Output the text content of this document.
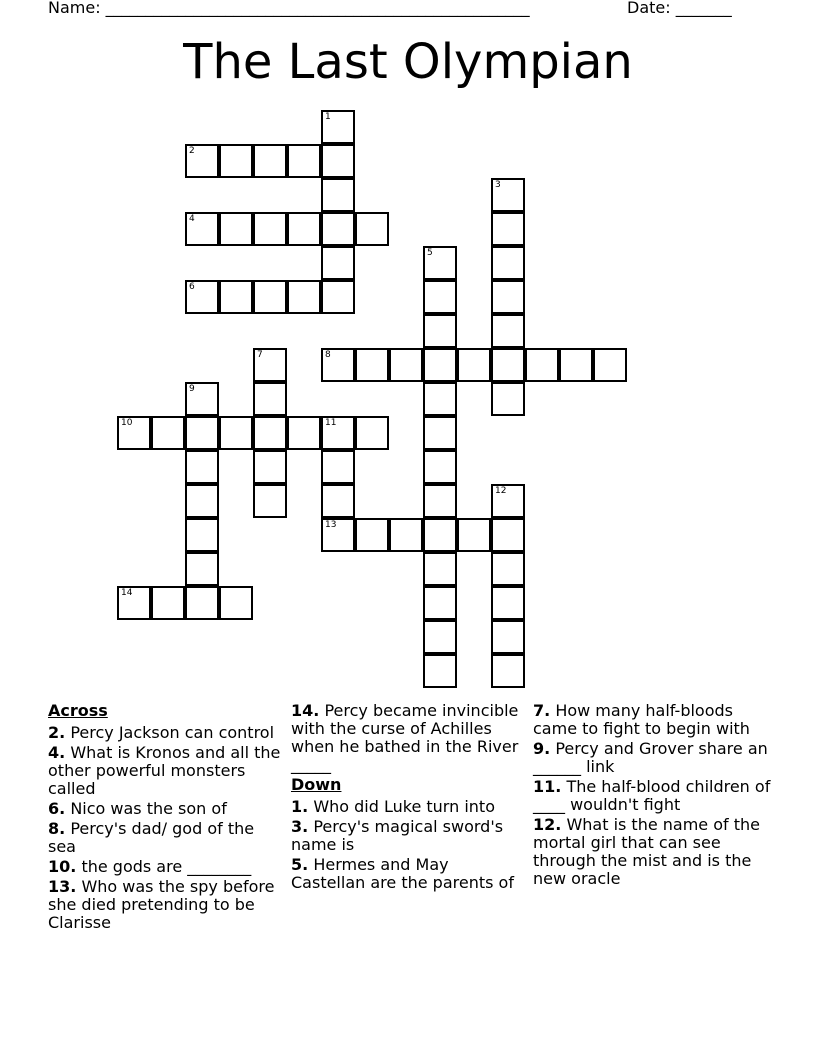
Name: _____________________________________________________	Date: _______
The Last Olympian
1
2
3
4
5
6
7	8
9
10	11
13
12
14
Across
2. Percy Jackson can control
4. What is Kronos and all the other powerful monsters called
6. Nico was the son of
8. Percy's dad/ god of the sea
10. the gods are ________
13. Who was the spy before she died pretending to be Clarisse
14. Percy became invincible with the curse of Achilles when he bathed in the River _____
Down
1. Who did Luke turn into
3. Percy's magical sword's name is
5. Hermes and May Castellan are the parents of
7. How many half-bloods came to fight to begin with
9. Percy and Grover share an ______ link
11. The half-blood children of ____ wouldn't fight
12. What is the name of the mortal girl that can see through the mist and is the new oracle
